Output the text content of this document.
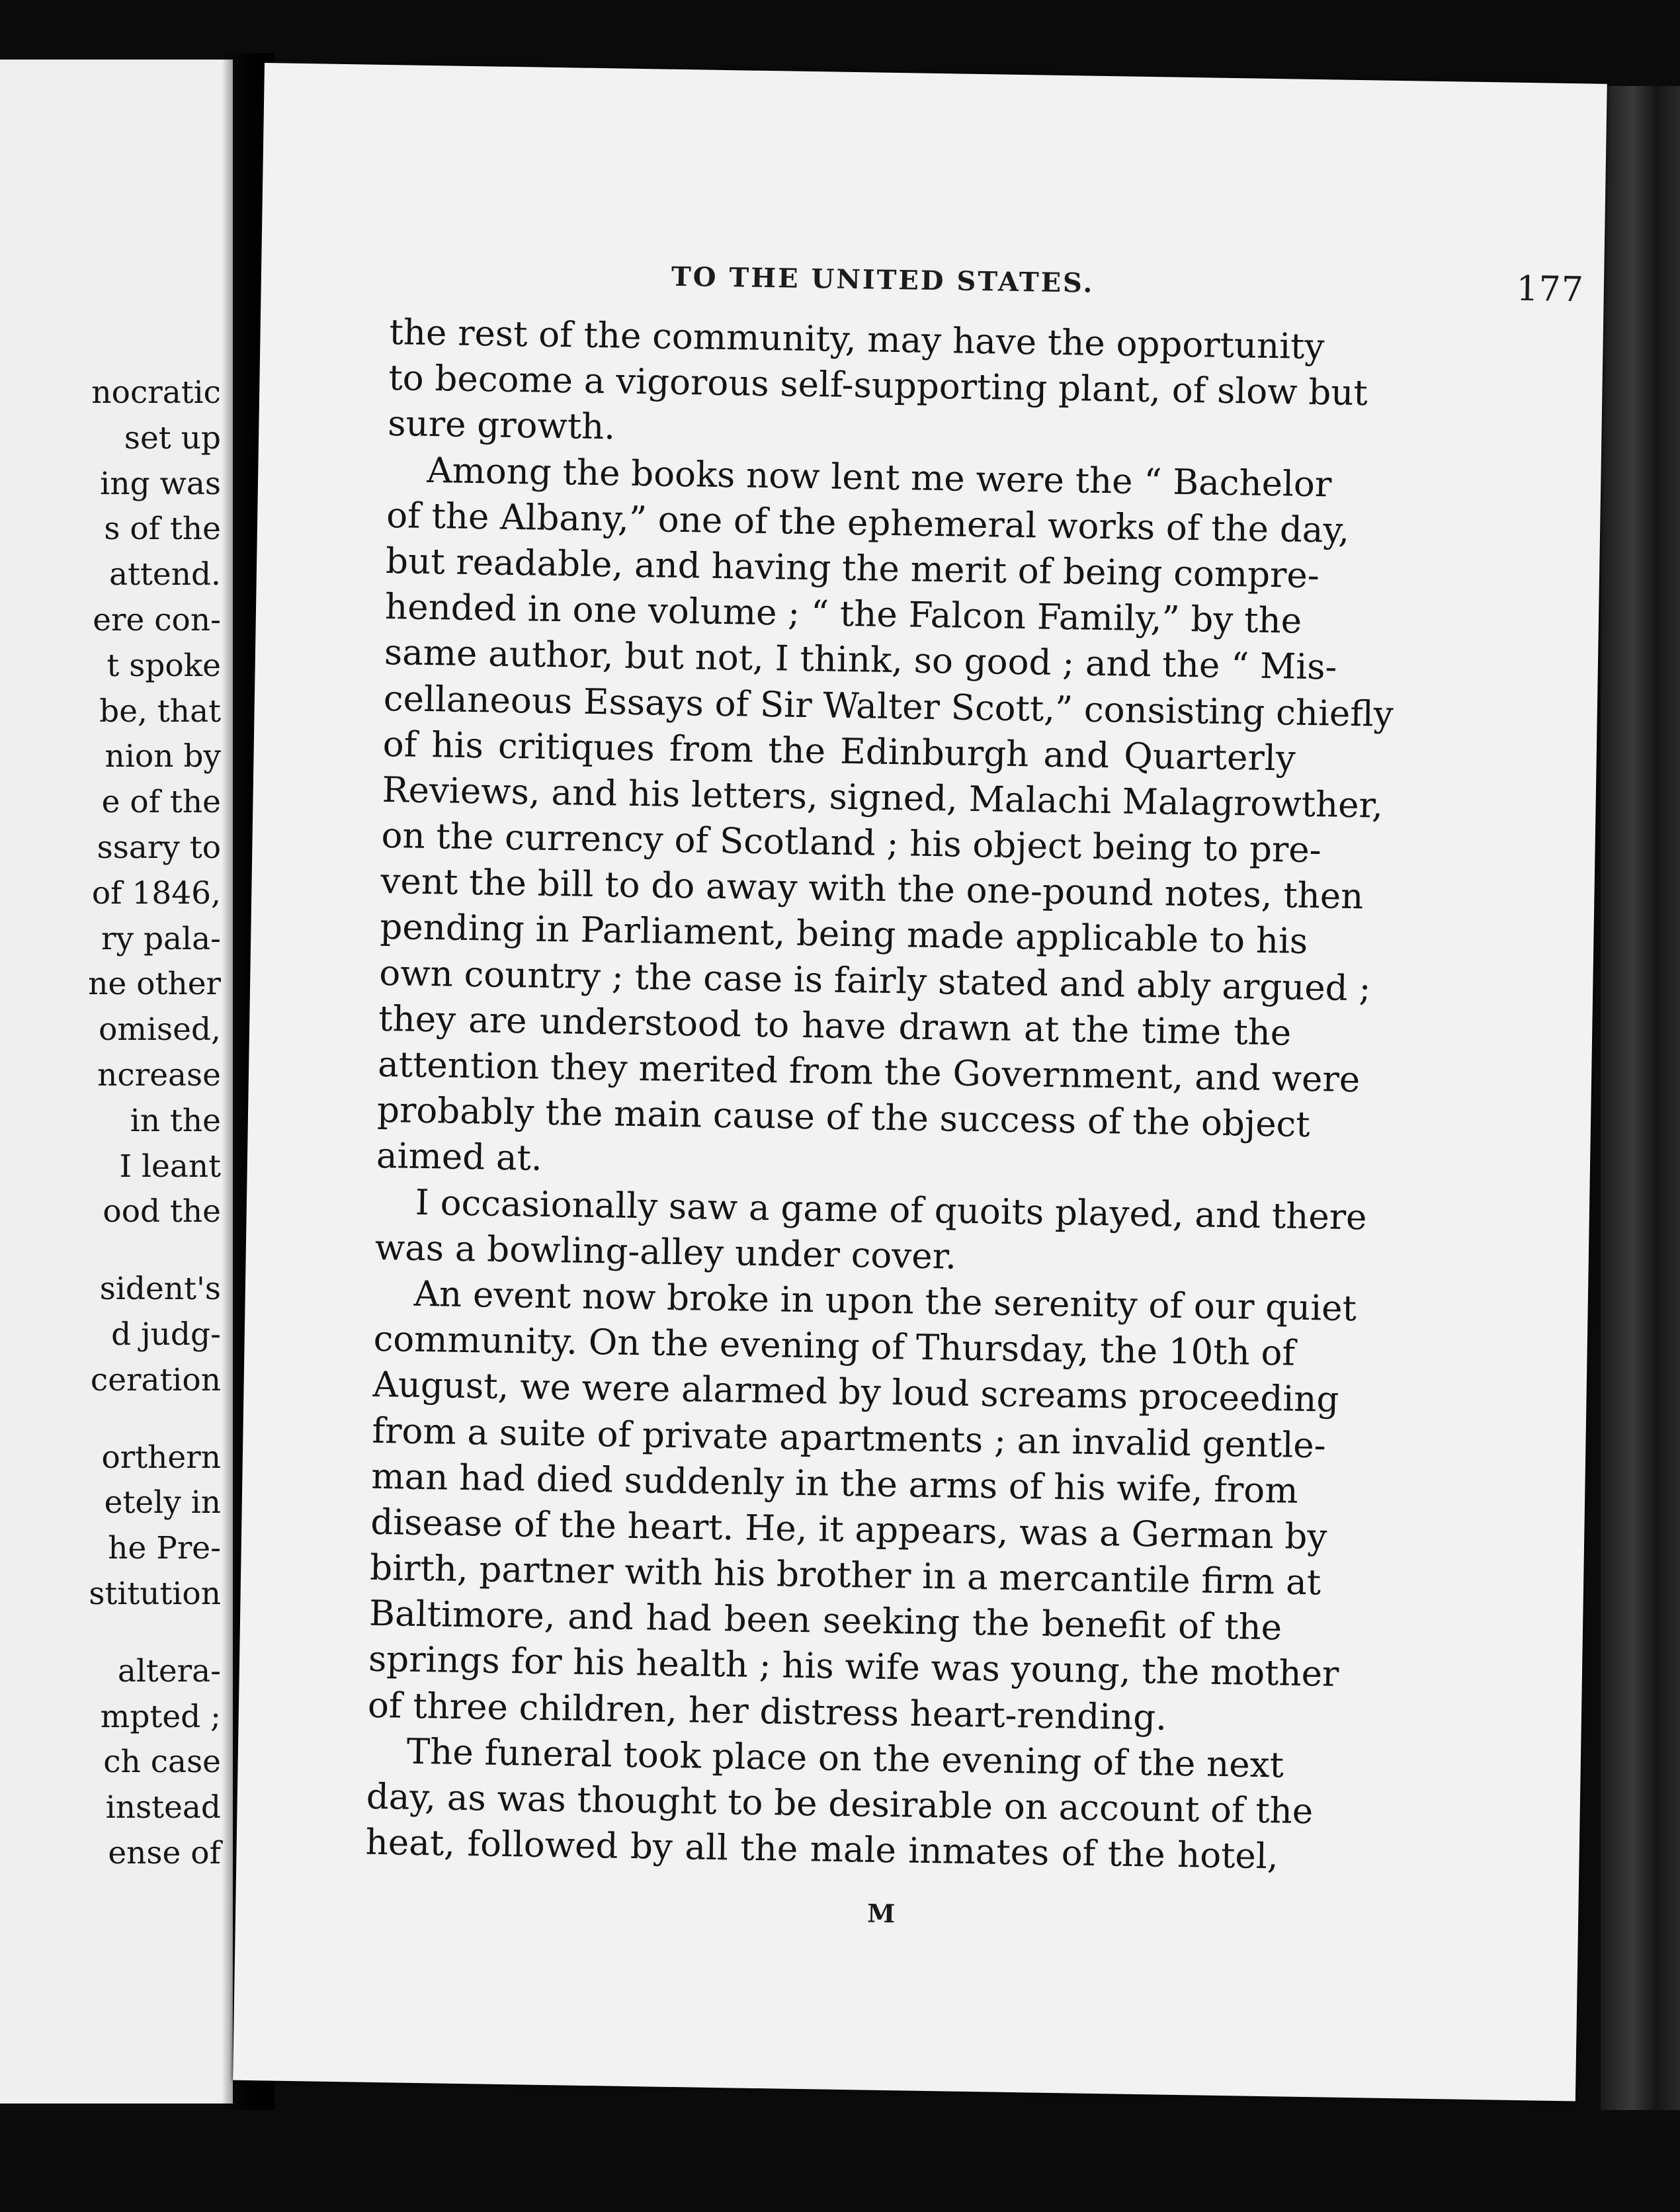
nocratic
set up
ing was
s of the
attend.
ere con-
t spoke
be, that
nion by
e of the
ssary to
of 1846,
ry pala-
ne other
omised,
ncrease
in the
I leant
ood the
sident's
d judg-
ceration
orthern
etely in
he Pre-
stitution
altera-
mpted ;
ch case
instead
ense of
TO THE UNITED STATES.	177
the rest of the community, may have the opportunity
to become a vigorous self-supporting plant, of slow but
sure growth.
Among the books now lent me were the “ Bachelor
of the Albany,” one of the ephemeral works of the day,
but readable, and having the merit of being compre-
hended in one volume ; “ the Falcon Family,” by the
same author, but not, I think, so good ; and the “ Mis-
cellaneous Essays of Sir Walter Scott,” consisting chiefly
of his critiques from the Edinburgh and Quarterly
Reviews, and his letters, signed, Malachi Malagrowther,
on the currency of Scotland ; his object being to pre-
vent the bill to do away with the one-pound notes, then
pending in Parliament, being made applicable to his
own country ; the case is fairly stated and ably argued ;
they are understood to have drawn at the time the
attention they merited from the Government, and were
probably the main cause of the success of the object
aimed at.
I occasionally saw a game of quoits played, and there
was a bowling-alley under cover.
An event now broke in upon the serenity of our quiet
community. On the evening of Thursday, the 10th of
August, we were alarmed by loud screams proceeding
from a suite of private apartments ; an invalid gentle-
man had died suddenly in the arms of his wife, from
disease of the heart. He, it appears, was a German by
birth, partner with his brother in a mercantile firm at
Baltimore, and had been seeking the benefit of the
springs for his health ; his wife was young, the mother
of three children, her distress heart-rending.
The funeral took place on the evening of the next
day, as was thought to be desirable on account of the
heat, followed by all the male inmates of the hotel,
M
